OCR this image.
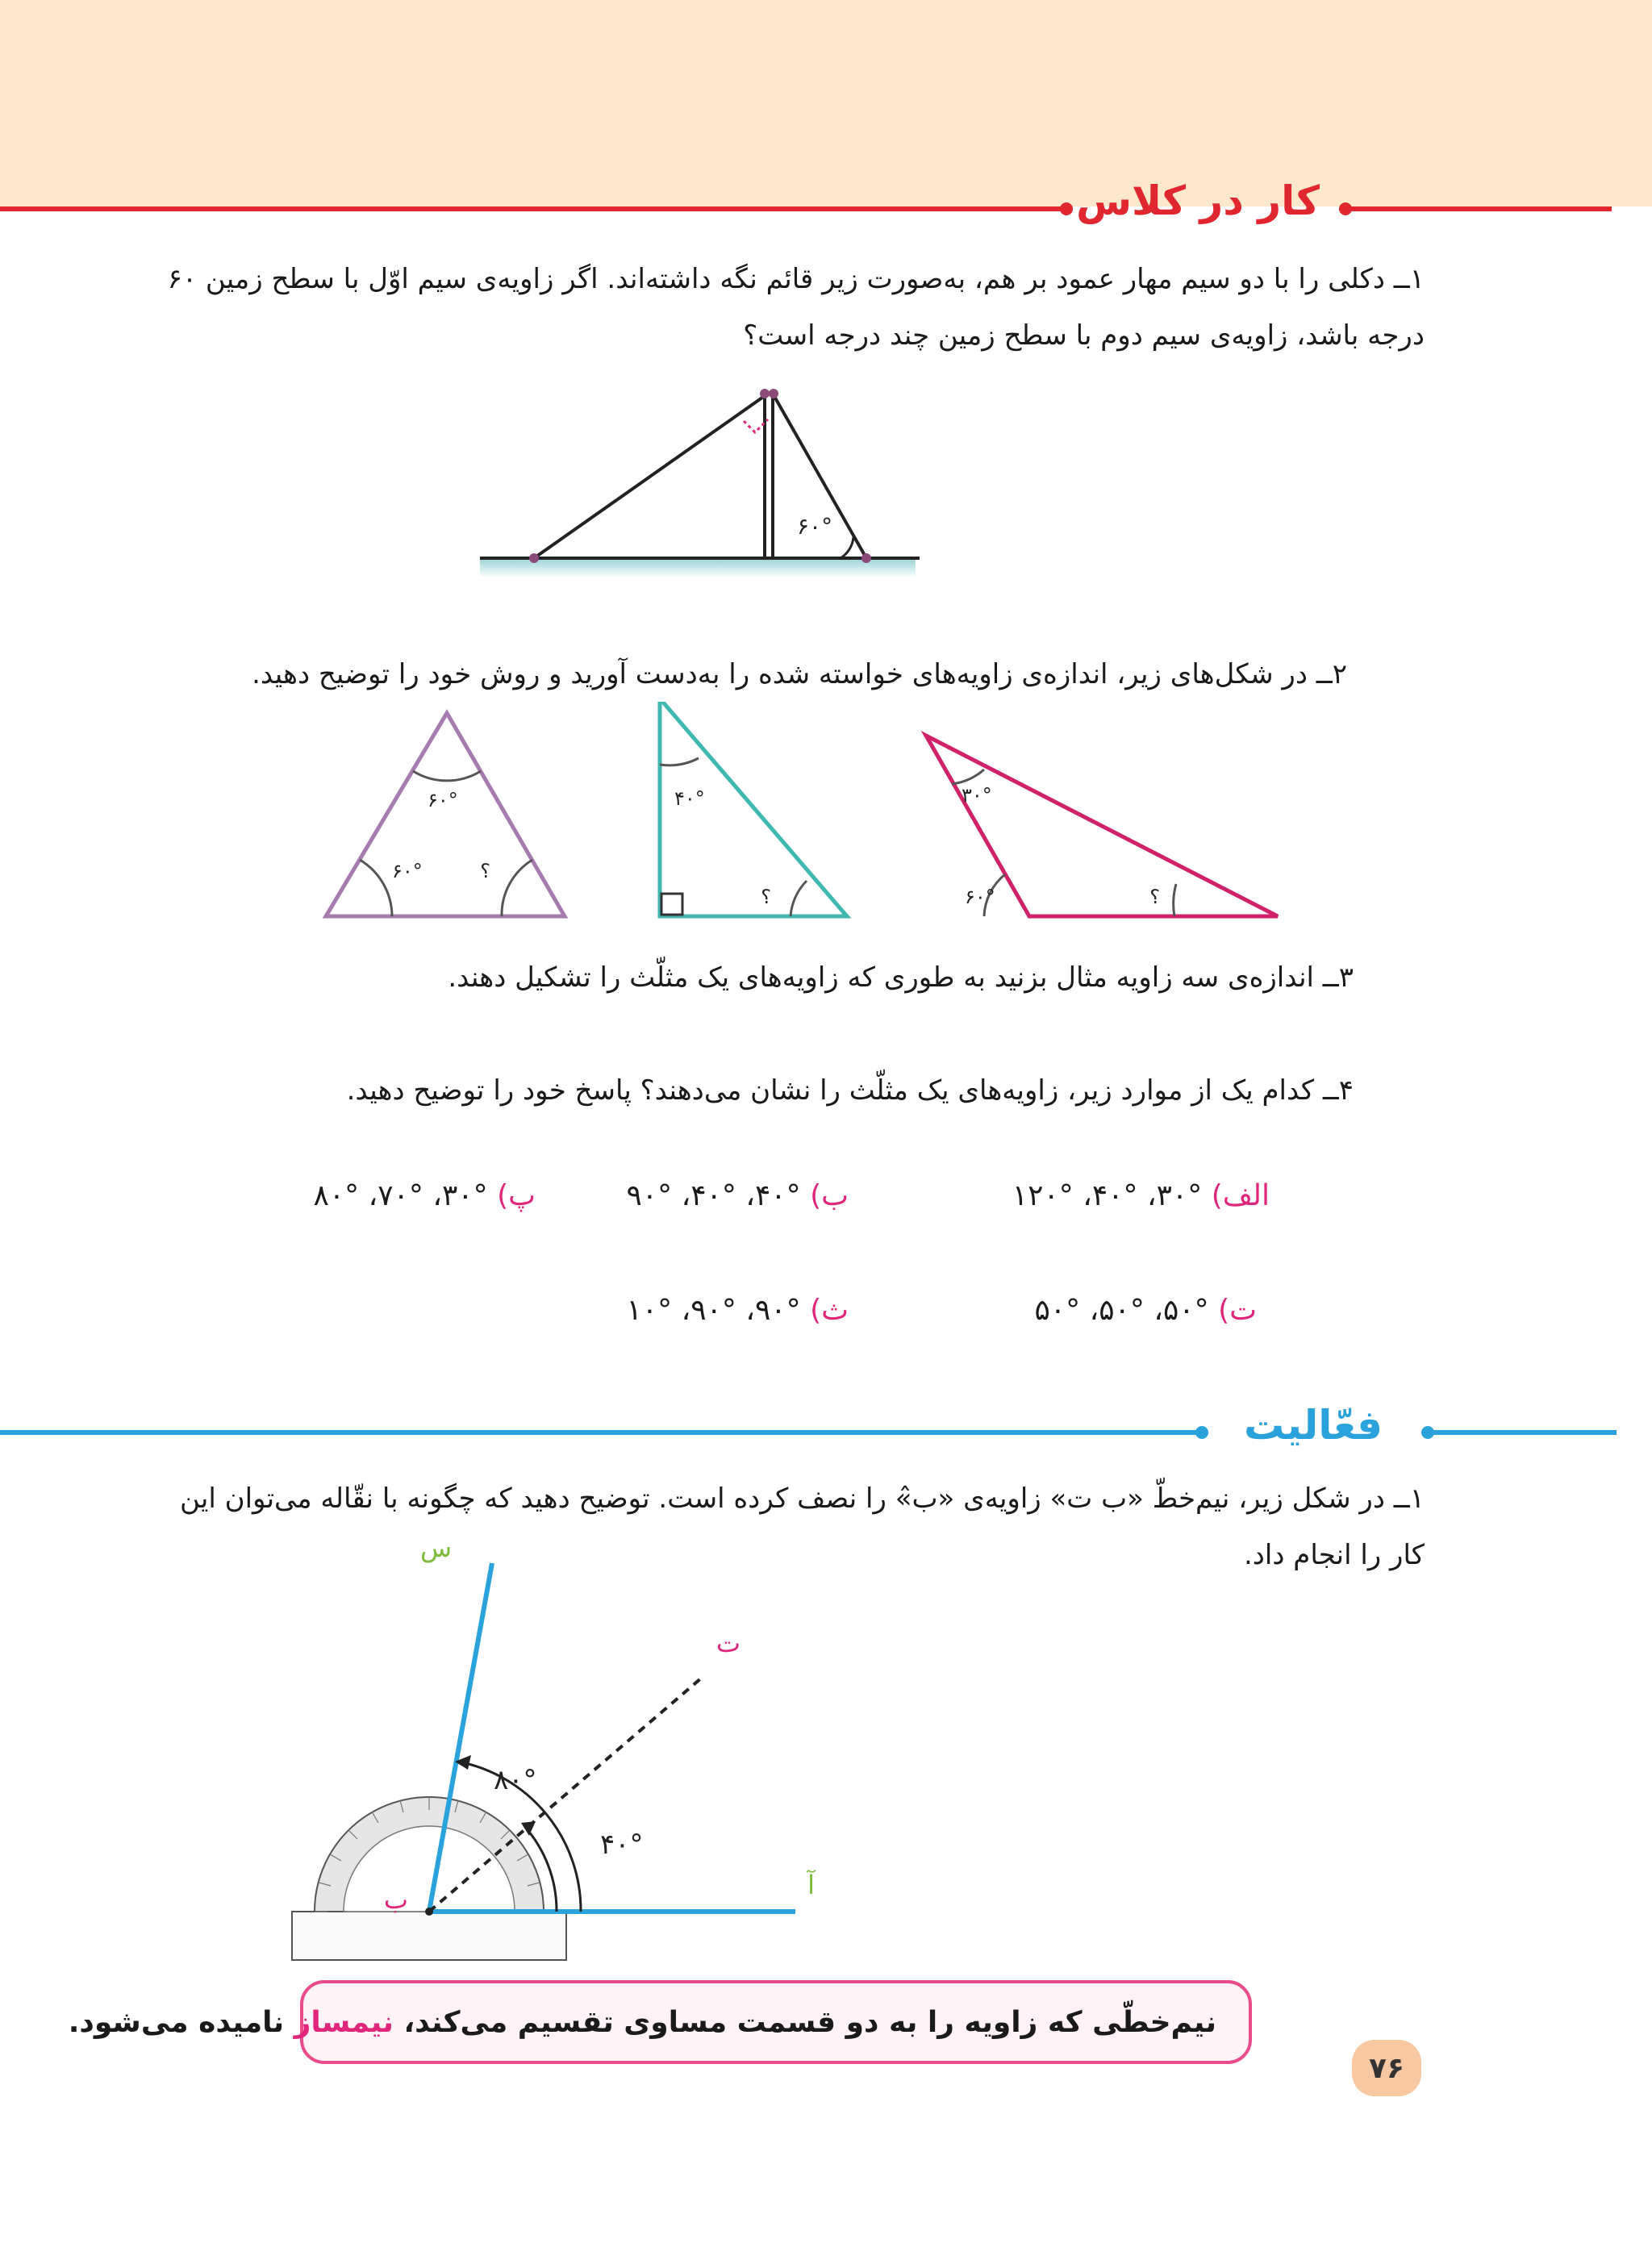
کار در کلاس
۱ــ دکلی را با دو سیم مهار عمود بر هم، به‌صورت زیر قائم نگه داشته‌اند. اگر زاویه‌ی سیم اوّل با سطح زمین ۶۰
درجه باشد، زاویه‌ی سیم دوم با سطح زمین چند درجه است؟
۶۰°
۲ــ در شکل‌های زیر، اندازه‌ی زاویه‌های خواسته شده را به‌دست آورید و روش خود را توضیح دهید.
۶۰°
۶۰°	؟
۴۰°
؟
۳۰°
۶۰°	؟
۳ــ اندازه‌ی سه زاویه مثال بزنید به طوری که زاویه‌های یک مثلّث را تشکیل دهند.
۴ــ کدام یک از موارد زیر، زاویه‌های یک مثلّث را نشان می‌دهند؟ پاسخ خود را توضیح دهید.
الف) °۳۰، °۴۰، °۱۲۰
ب) °۴۰، °۴۰، °۹۰
پ) °۳۰، °۷۰، °۸۰
ت) °۵۰، °۵۰، °۵۰
ث) °۹۰، °۹۰، °۱۰
فعّالیت
۱ــ در شکل زیر، نیم‌خطّ «ب ت» زاویه‌ی «ب̂» را نصف کرده است. توضیح دهید که چگونه با نقّاله می‌توان این
کار را انجام داد.
س
ت
ب	آ
۸۰°
۴۰°
نیم‌خطّی که زاویه را به دو قسمت مساوی تقسیم می‌کند، نیمساز نامیده می‌شود.
۷۶
